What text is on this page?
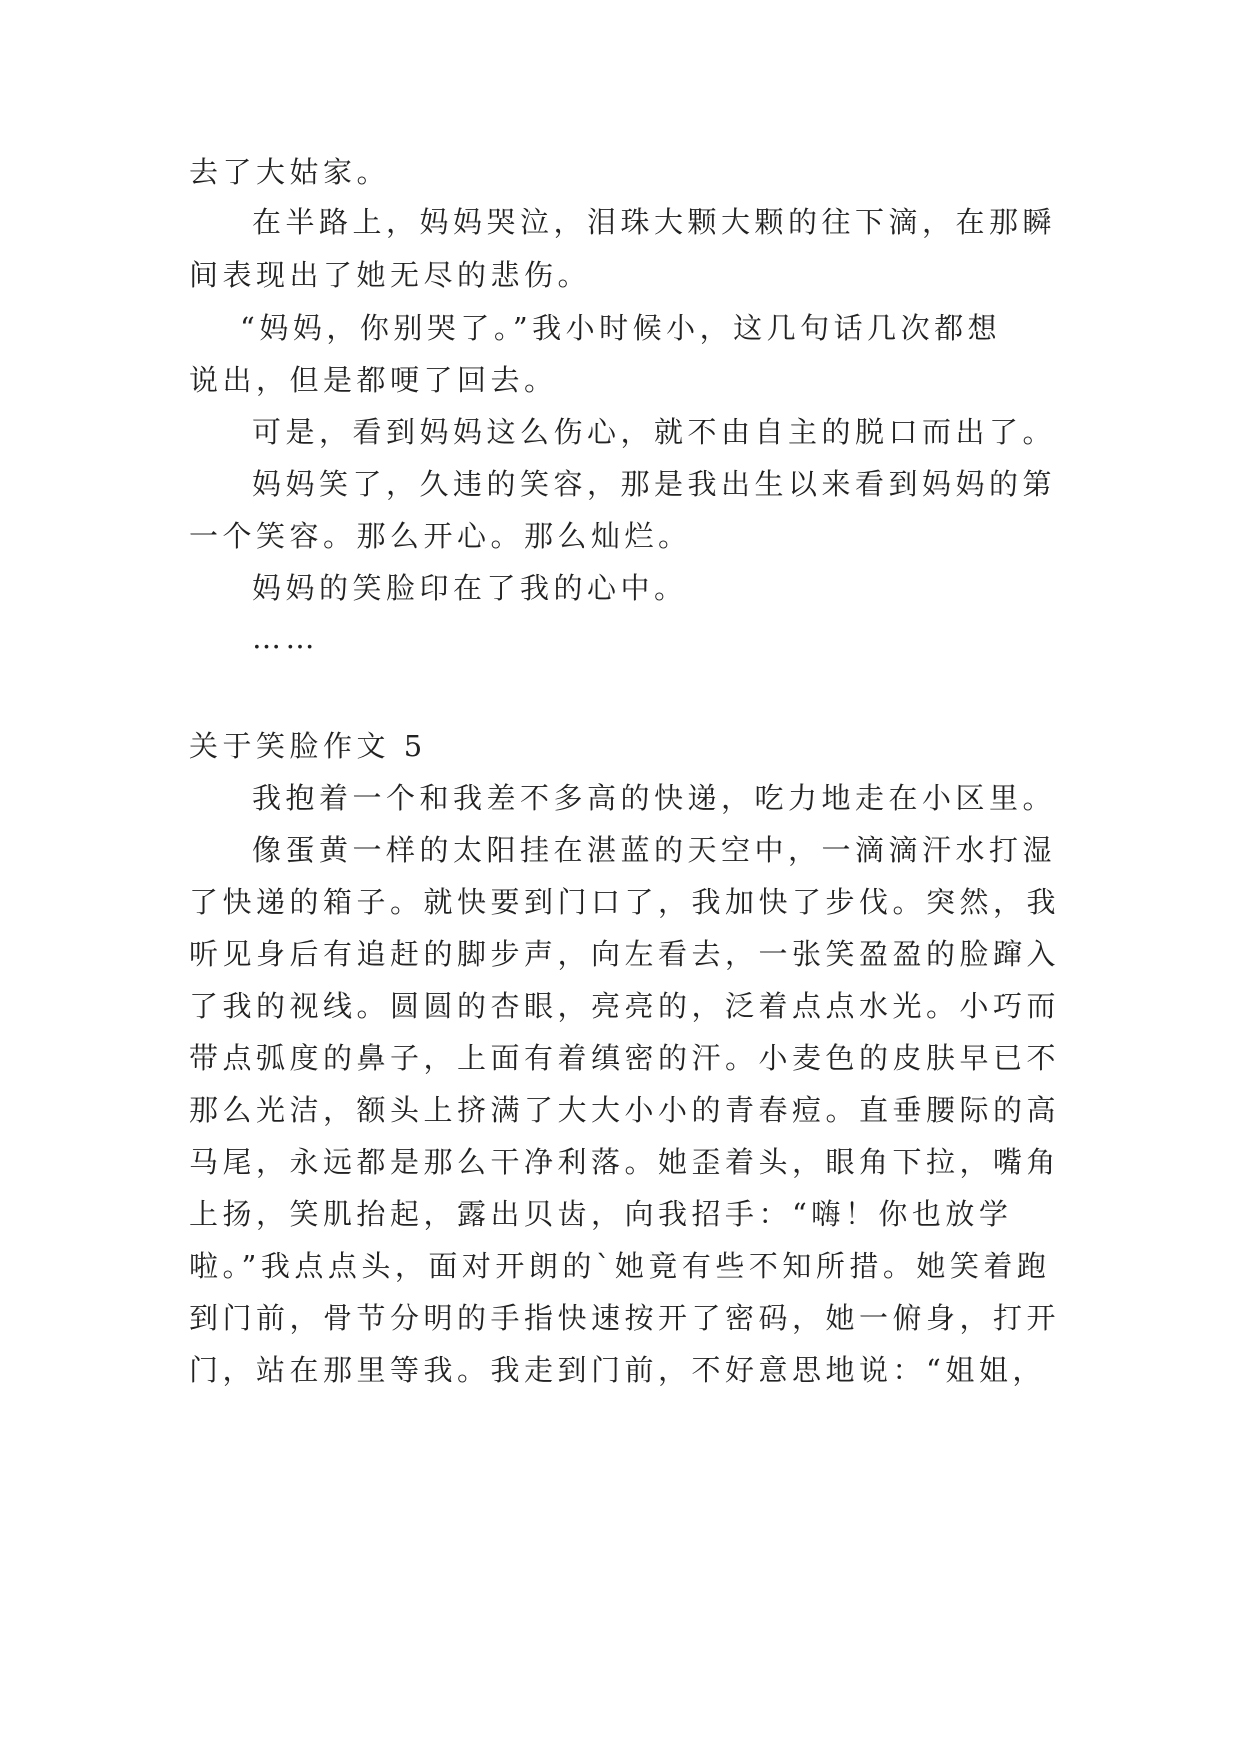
去了大姑家。
在半路上，妈妈哭泣，泪珠大颗大颗的往下滴，在那瞬
间表现出了她无尽的悲伤。
“妈妈，你别哭了。”我小时候小，这几句话几次都想
说出，但是都哽了回去。
可是，看到妈妈这么伤心，就不由自主的脱口而出了。
妈妈笑了，久违的笑容，那是我出生以来看到妈妈的第
一个笑容。那么开心。那么灿烂。
妈妈的笑脸印在了我的心中。
……
关于笑脸作文 5
我抱着一个和我差不多高的快递，吃力地走在小区里。
像蛋黄一样的太阳挂在湛蓝的天空中，一滴滴汗水打湿
了快递的箱子。就快要到门口了，我加快了步伐。突然，我
听见身后有追赶的脚步声，向左看去，一张笑盈盈的脸蹿入
了我的视线。圆圆的杏眼，亮亮的，泛着点点水光。小巧而
带点弧度的鼻子，上面有着缜密的汗。小麦色的皮肤早已不
那么光洁，额头上挤满了大大小小的青春痘。直垂腰际的高
马尾，永远都是那么干净利落。她歪着头，眼角下拉，嘴角
上扬，笑肌抬起，露出贝齿，向我招手：“嗨！你也放学
啦。”我点点头，面对开朗的`她竟有些不知所措。她笑着跑
到门前，骨节分明的手指快速按开了密码，她一俯身，打开
门，站在那里等我。我走到门前，不好意思地说：“姐姐，
